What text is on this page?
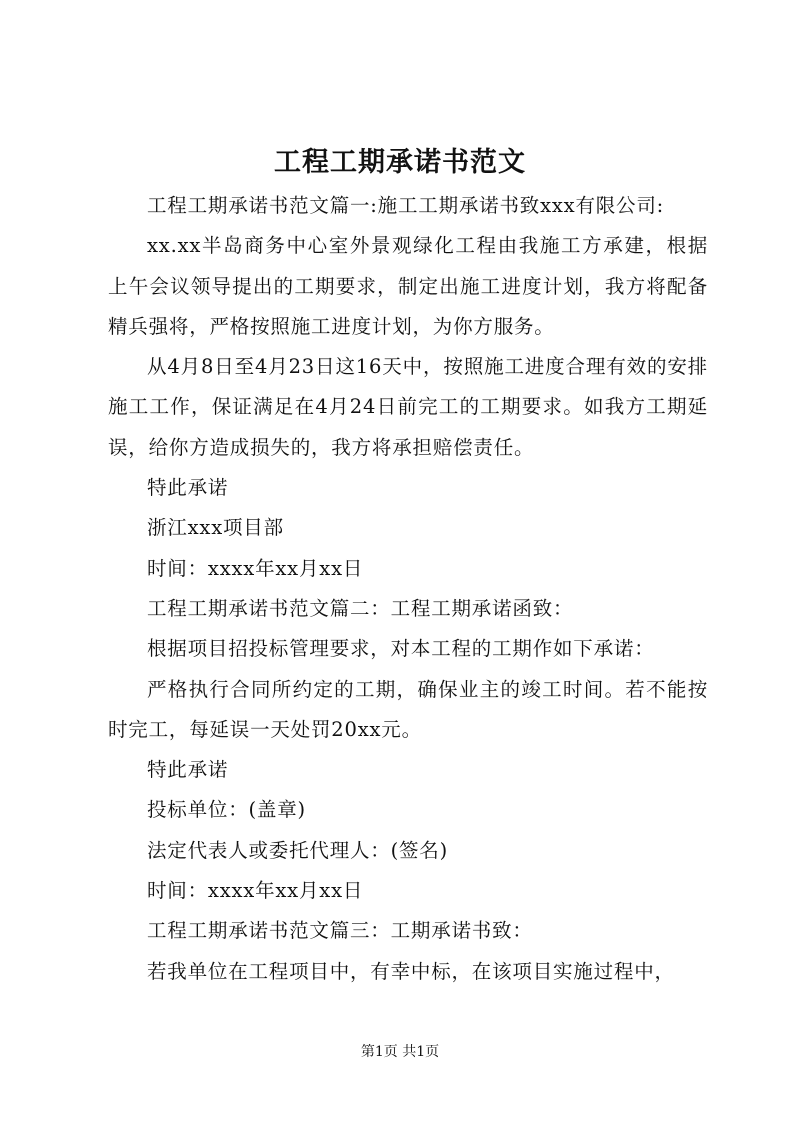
工程工期承诺书范文

工程工期承诺书范文篇一:施工工期承诺书致xxx有限公司:

xx.xx半岛商务中心室外景观绿化工程由我施工方承建，根据上午会议领导提出的工期要求，制定出施工进度计划，我方将配备精兵强将，严格按照施工进度计划，为你方服务。

从4月8日至4月23日这16天中，按照施工进度合理有效的安排施工工作，保证满足在4月24日前完工的工期要求。如我方工期延误，给你方造成损失的，我方将承担赔偿责任。

特此承诺

浙江xxx项目部

时间：xxxx年xx月xx日

工程工期承诺书范文篇二：工程工期承诺函致：

根据项目招投标管理要求，对本工程的工期作如下承诺：

严格执行合同所约定的工期，确保业主的竣工时间。若不能按时完工，每延误一天处罚20xx元。

特此承诺

投标单位：(盖章)

法定代表人或委托代理人：(签名)

时间：xxxx年xx月xx日

工程工期承诺书范文篇三：工期承诺书致：

若我单位在工程项目中，有幸中标，在该项目实施过程中，

第1页 共1页
